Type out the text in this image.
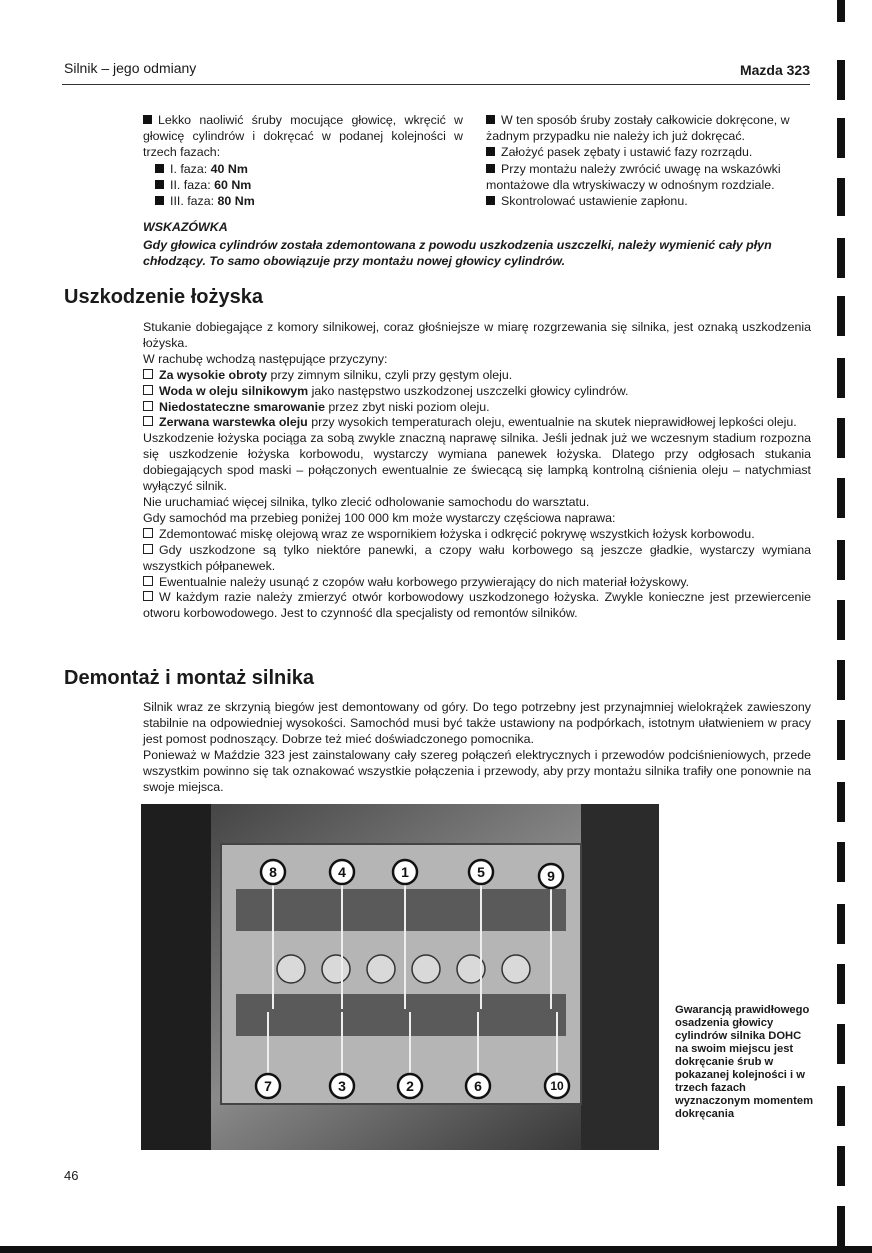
Silnik – jego odmiany	Mazda 323
Lekko naoliwić śruby mocujące głowicę, wkręcić w głowicę cylindrów i dokręcać w podanej kolejności w trzech fazach:
I. faza: 40 Nm
II. faza: 60 Nm
III. faza: 80 Nm
W ten sposób śruby zostały całkowicie dokręcone, w żadnym przypadku nie należy ich już dokręcać.
Założyć pasek zębaty i ustawić fazy rozrządu.
Przy montażu należy zwrócić uwagę na wskazówki montażowe dla wtryskiwaczy w odnośnym rozdziale.
Skontrolować ustawienie zapłonu.
WSKAZÓWKA
Gdy głowica cylindrów została zdemontowana z powodu uszkodzenia uszczelki, należy wymienić cały płyn chłodzący. To samo obowiązuje przy montażu nowej głowicy cylindrów.
Uszkodzenie łożyska

Stukanie dobiegające z komory silnikowej, coraz głośniejsze w miarę rozgrzewania się silnika, jest oznaką uszkodzenia łożyska.

W rachubę wchodzą następujące przyczyny:

Za wysokie obroty przy zimnym silniku, czyli przy gęstym oleju.

Woda w oleju silnikowym jako następstwo uszkodzonej uszczelki głowicy cylindrów.

Niedostateczne smarowanie przez zbyt niski poziom oleju.

Zerwana warstewka oleju przy wysokich temperaturach oleju, ewentualnie na skutek nieprawidłowej lepkości oleju.

Uszkodzenie łożyska pociąga za sobą zwykle znaczną naprawę silnika. Jeśli jednak już we wczesnym stadium rozpozna się uszkodzenie łożyska korbowodu, wystarczy wymiana panewek łożyska. Dlatego przy odgłosach stukania dobiegających spod maski – połączonych ewentualnie ze świecącą się lampką kontrolną ciśnienia oleju – natychmiast wyłączyć silnik.

Nie uruchamiać więcej silnika, tylko zlecić odholowanie samochodu do warsztatu.

Gdy samochód ma przebieg poniżej 100 000 km może wystarczy częściowa naprawa:

Zdemontować miskę olejową wraz ze wspornikiem łożyska i odkręcić pokrywę wszystkich łożysk korbowodu.

Gdy uszkodzone są tylko niektóre panewki, a czopy wału korbowego są jeszcze gładkie, wystarczy wymiana wszystkich półpanewek.

Ewentualnie należy usunąć z czopów wału korbowego przywierający do nich materiał łożyskowy.

W każdym razie należy zmierzyć otwór korbowodowy uszkodzonego łożyska. Zwykle konieczne jest przewiercenie otworu korbowodowego. Jest to czynność dla specjalisty od remontów silników.

Demontaż i montaż silnika

Silnik wraz ze skrzynią biegów jest demontowany od góry. Do tego potrzebny jest przynajmniej wielokrążek zawieszony stabilnie na odpowiedniej wysokości. Samochód musi być także ustawiony na podpórkach, istotnym ułatwieniem w pracy jest pomost podnoszący. Dobrze też mieć doświadczonego pomocnika.

Ponieważ w Maździe 323 jest zainstalowany cały szereg połączeń elektrycznych i przewodów podciśnieniowych, przede wszystkim powinno się tak oznakować wszystkie połączenia i przewody, aby przy montażu silnika trafiły one ponownie na swoje miejsca.

8	4	1	5	9
7	3	2	6	10
Gwarancją prawidłowego osadzenia głowicy cylindrów silnika DOHC na swoim miejscu jest dokręcanie śrub w pokazanej kolejności i w trzech fazach wyznaczonym momentem dokręcania
46
